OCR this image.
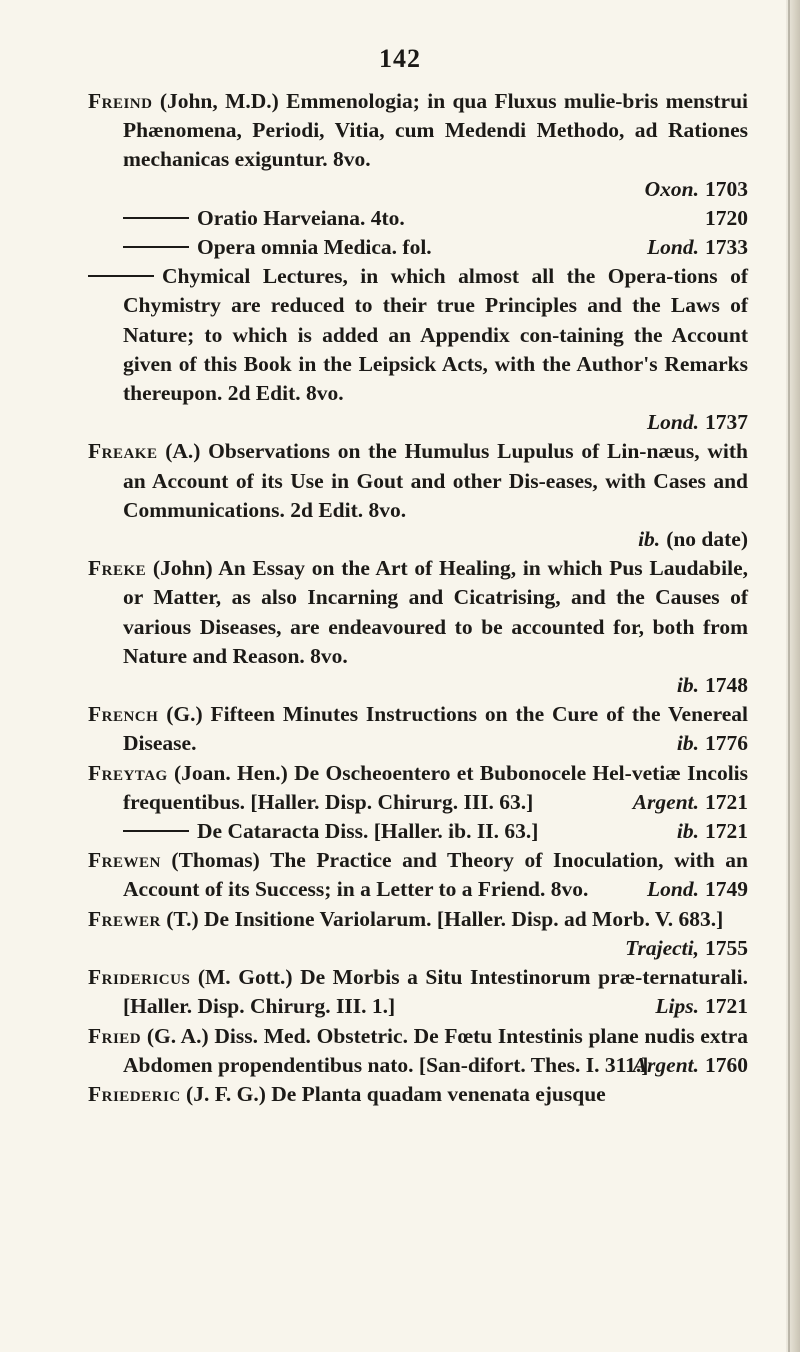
142
Freind (John, M.D.) Emmenologia; in qua Fluxus mulie-bris menstrui Phænomena, Periodi, Vitia, cum Medendi Methodo, ad Rationes mechanicas exiguntur. 8vo.
Oxon. 1703
Oratio Harveiana. 4to.	1720
Opera omnia Medica. fol.	Lond. 1733
Chymical Lectures, in which almost all the Opera-tions of Chymistry are reduced to their true Principles and the Laws of Nature; to which is added an Appendix con-taining the Account given of this Book in the Leipsick Acts, with the Author's Remarks thereupon. 2d Edit. 8vo.
Lond. 1737
Freake (A.) Observations on the Humulus Lupulus of Lin-næus, with an Account of its Use in Gout and other Dis-eases, with Cases and Communications. 2d Edit. 8vo.
ib. (no date)
Freke (John) An Essay on the Art of Healing, in which Pus Laudabile, or Matter, as also Incarning and Cicatrising, and the Causes of various Diseases, are endeavoured to be accounted for, both from Nature and Reason. 8vo.
ib. 1748
French (G.) Fifteen Minutes Instructions on the Cure of the Venereal Disease.	ib. 1776
Freytag (Joan. Hen.) De Oscheoentero et Bubonocele Hel-vetiæ Incolis frequentibus. [Haller. Disp. Chirurg. III. 63.]	Argent. 1721
De Cataracta Diss. [Haller. ib. II. 63.]	ib. 1721
Frewen (Thomas) The Practice and Theory of Inoculation, with an Account of its Success; in a Letter to a Friend. 8vo.	Lond. 1749
Frewer (T.) De Insitione Variolarum. [Haller. Disp. ad Morb. V. 683.]
Trajecti, 1755
Fridericus (M. Gott.) De Morbis a Situ Intestinorum præ-ternaturali. [Haller. Disp. Chirurg. III. 1.]	Lips. 1721
Fried (G. A.) Diss. Med. Obstetric. De Fœtu Intestinis plane nudis extra Abdomen propendentibus nato. [San-difort. Thes. I. 311.]
Argent. 1760
Friederic (J. F. G.) De Planta quadam venenata ejusque
